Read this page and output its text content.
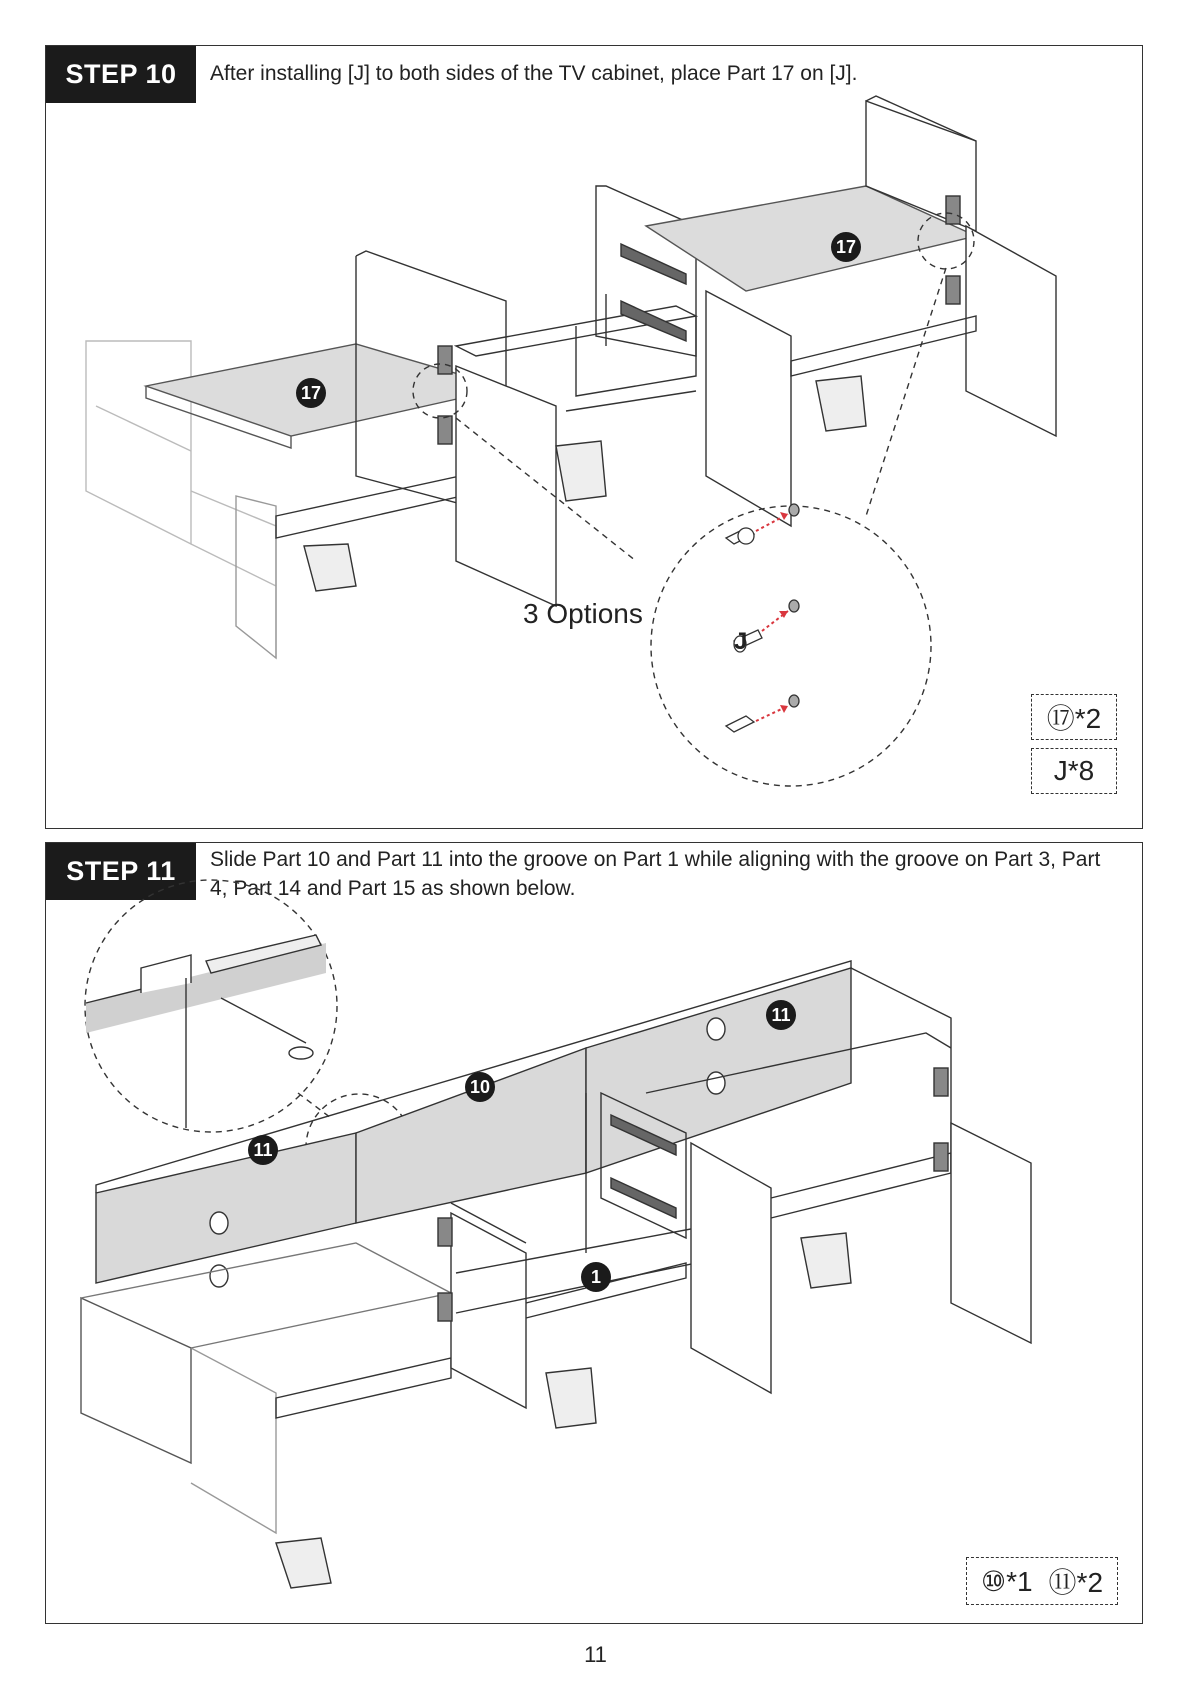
STEP 10	After installing [J] to both sides of the TV cabinet, place Part 17 on [J].
17
17
3 Options
J
⑰*2
J*8
STEP 11	Slide Part 10 and Part 11 into the groove on Part 1 while aligning with the groove on Part 3, Part 4, Part 14 and Part 15 as shown below.
11
10
11
1
⑩*1 ⑪*2
11
